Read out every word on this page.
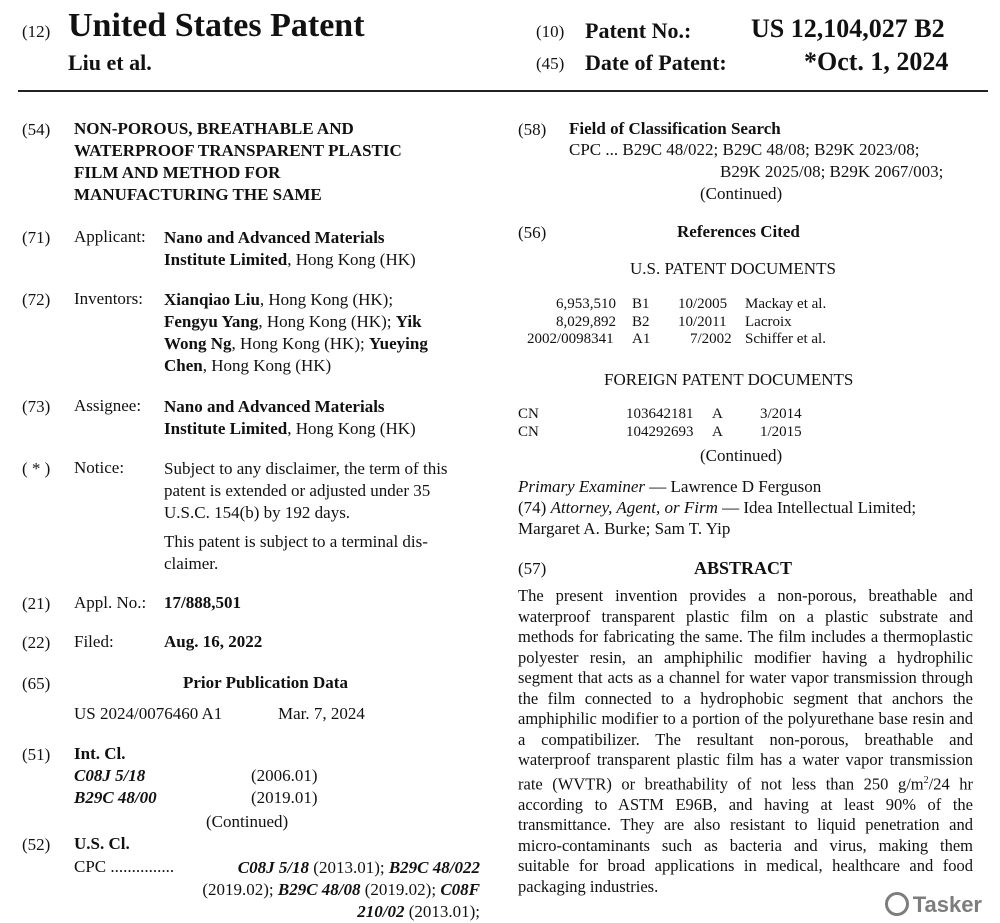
(12) United States Patent
Liu et al.
(10) Patent No.: US 12,104,027 B2
(45) Date of Patent:	*Oct. 1, 2024
(54) NON-POROUS, BREATHABLE AND
WATERPROOF TRANSPARENT PLASTIC
FILM AND METHOD FOR
MANUFACTURING THE SAME
(71) Applicant: Nano and Advanced Materials
Institute Limited, Hong Kong (HK)
(72) Inventors: Xianqiao Liu, Hong Kong (HK);
Fengyu Yang, Hong Kong (HK); Yik
Wong Ng, Hong Kong (HK); Yueying
Chen, Hong Kong (HK)
(73) Assignee: Nano and Advanced Materials
Institute Limited, Hong Kong (HK)
( * ) Notice: Subject to any disclaimer, the term of this
patent is extended or adjusted under 35
U.S.C. 154(b) by 192 days.
This patent is subject to a terminal dis-
claimer.
(21) Appl. No.: 17/888,501
(22) Filed:	Aug. 16, 2022
(65)	Prior Publication Data
US 2024/0076460 A1	Mar. 7, 2024
(51) Int. Cl.
C08J 5/18	(2006.01)
B29C 48/00	(2019.01)
(Continued)
(52) U.S. Cl.
CPC ...............	C08J 5/18 (2013.01); B29C 48/022
(2019.02); B29C 48/08 (2019.02); C08F
210/02 (2013.01);
(58) Field of Classification Search
CPC ... B29C 48/022; B29C 48/08; B29K 2023/08;
B29K 2025/08; B29K 2067/003;
(Continued)
(56)	References Cited
U.S. PATENT DOCUMENTS
6,953,510 B1 10/2005 Mackay et al.
8,029,892 B2 10/2011 Lacroix
2002/0098341 A1	7/2002 Schiffer et al.
FOREIGN PATENT DOCUMENTS
CN	103642181 A 3/2014
CN	104292693 A 1/2015
(Continued)
Primary Examiner — Lawrence D Ferguson
(74) Attorney, Agent, or Firm — Idea Intellectual Limited;
Margaret A. Burke; Sam T. Yip
(57)	ABSTRACT
The present invention provides a non-porous, breathable and waterproof transparent plastic film on a plastic substrate and methods for fabricating the same. The film includes a thermoplastic polyester resin, an amphiphilic modifier having a hydrophilic segment that acts as a channel for water vapor transmission through the film connected to a hydrophobic segment that anchors the amphiphilic modifier to a portion of the polyurethane base resin and a compatibilizer. The resultant non-porous, breathable and waterproof transparent plastic film has a water vapor transmission rate (WVTR) or breathability of not less than 250 $g/m^2/24$ hr according to ASTM E96B, and having at least 90% of the transmittance. They are also resistant to liquid penetration and micro-contaminants such as bacteria and virus, making them suitable for broad applications in medical, healthcare and food packaging industries.
Tasker
